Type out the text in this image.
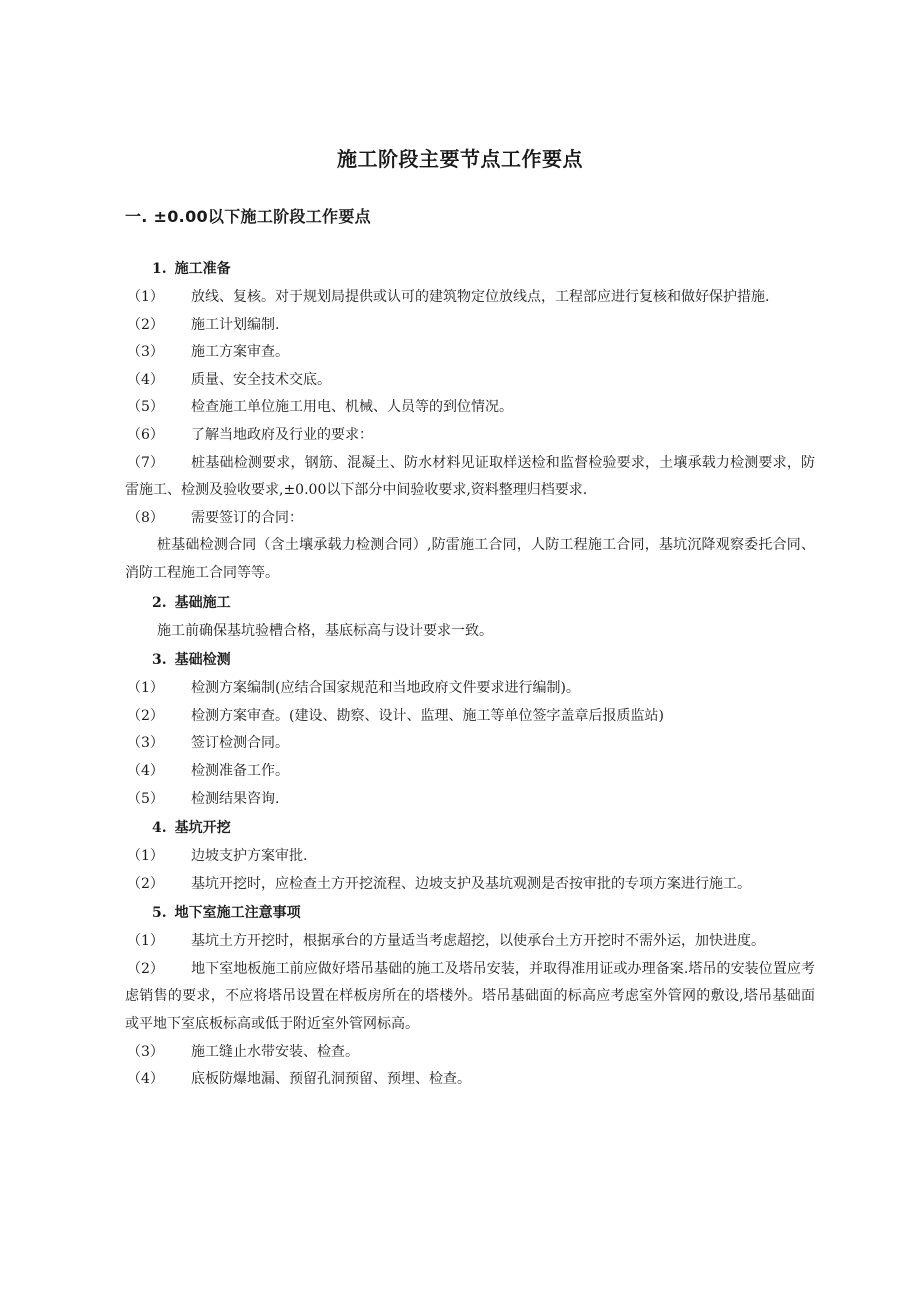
施工阶段主要节点工作要点
一. ±0.00以下施工阶段工作要点

1. 施工准备

（1） 放线、复核。对于规划局提供或认可的建筑物定位放线点，工程部应进行复核和做好保护措施.

（2） 施工计划编制.

（3） 施工方案审查。

（4） 质量、安全技术交底。

（5） 检查施工单位施工用电、机械、人员等的到位情况。

（6） 了解当地政府及行业的要求：

（7） 桩基础检测要求，钢筋、混凝土、防水材料见证取样送检和监督检验要求，土壤承载力检测要求，防雷施工、检测及验收要求,±0.00以下部分中间验收要求,资料整理归档要求.

（8） 需要签订的合同：

桩基础检测合同（含土壤承载力检测合同）,防雷施工合同，人防工程施工合同，基坑沉降观察委托合同、消防工程施工合同等等。

2. 基础施工

施工前确保基坑验槽合格，基底标高与设计要求一致。

3. 基础检测

（1） 检测方案编制(应结合国家规范和当地政府文件要求进行编制)。

（2） 检测方案审查。(建设、勘察、设计、监理、施工等单位签字盖章后报质监站)

（3） 签订检测合同。

（4） 检测准备工作。

（5） 检测结果咨询.

4. 基坑开挖

（1） 边坡支护方案审批.

（2） 基坑开挖时，应检查土方开挖流程、边坡支护及基坑观测是否按审批的专项方案进行施工。

5. 地下室施工注意事项

（1） 基坑土方开挖时，根据承台的方量适当考虑超挖，以使承台土方开挖时不需外运，加快进度。

（2） 地下室地板施工前应做好塔吊基础的施工及塔吊安装，并取得准用证或办理备案.塔吊的安装位置应考虑销售的要求，不应将塔吊设置在样板房所在的塔楼外。塔吊基础面的标高应考虑室外管网的敷设,塔吊基础面或平地下室底板标高或低于附近室外管网标高。

（3） 施工缝止水带安装、检查。

（4） 底板防爆地漏、预留孔洞预留、预埋、检查。
